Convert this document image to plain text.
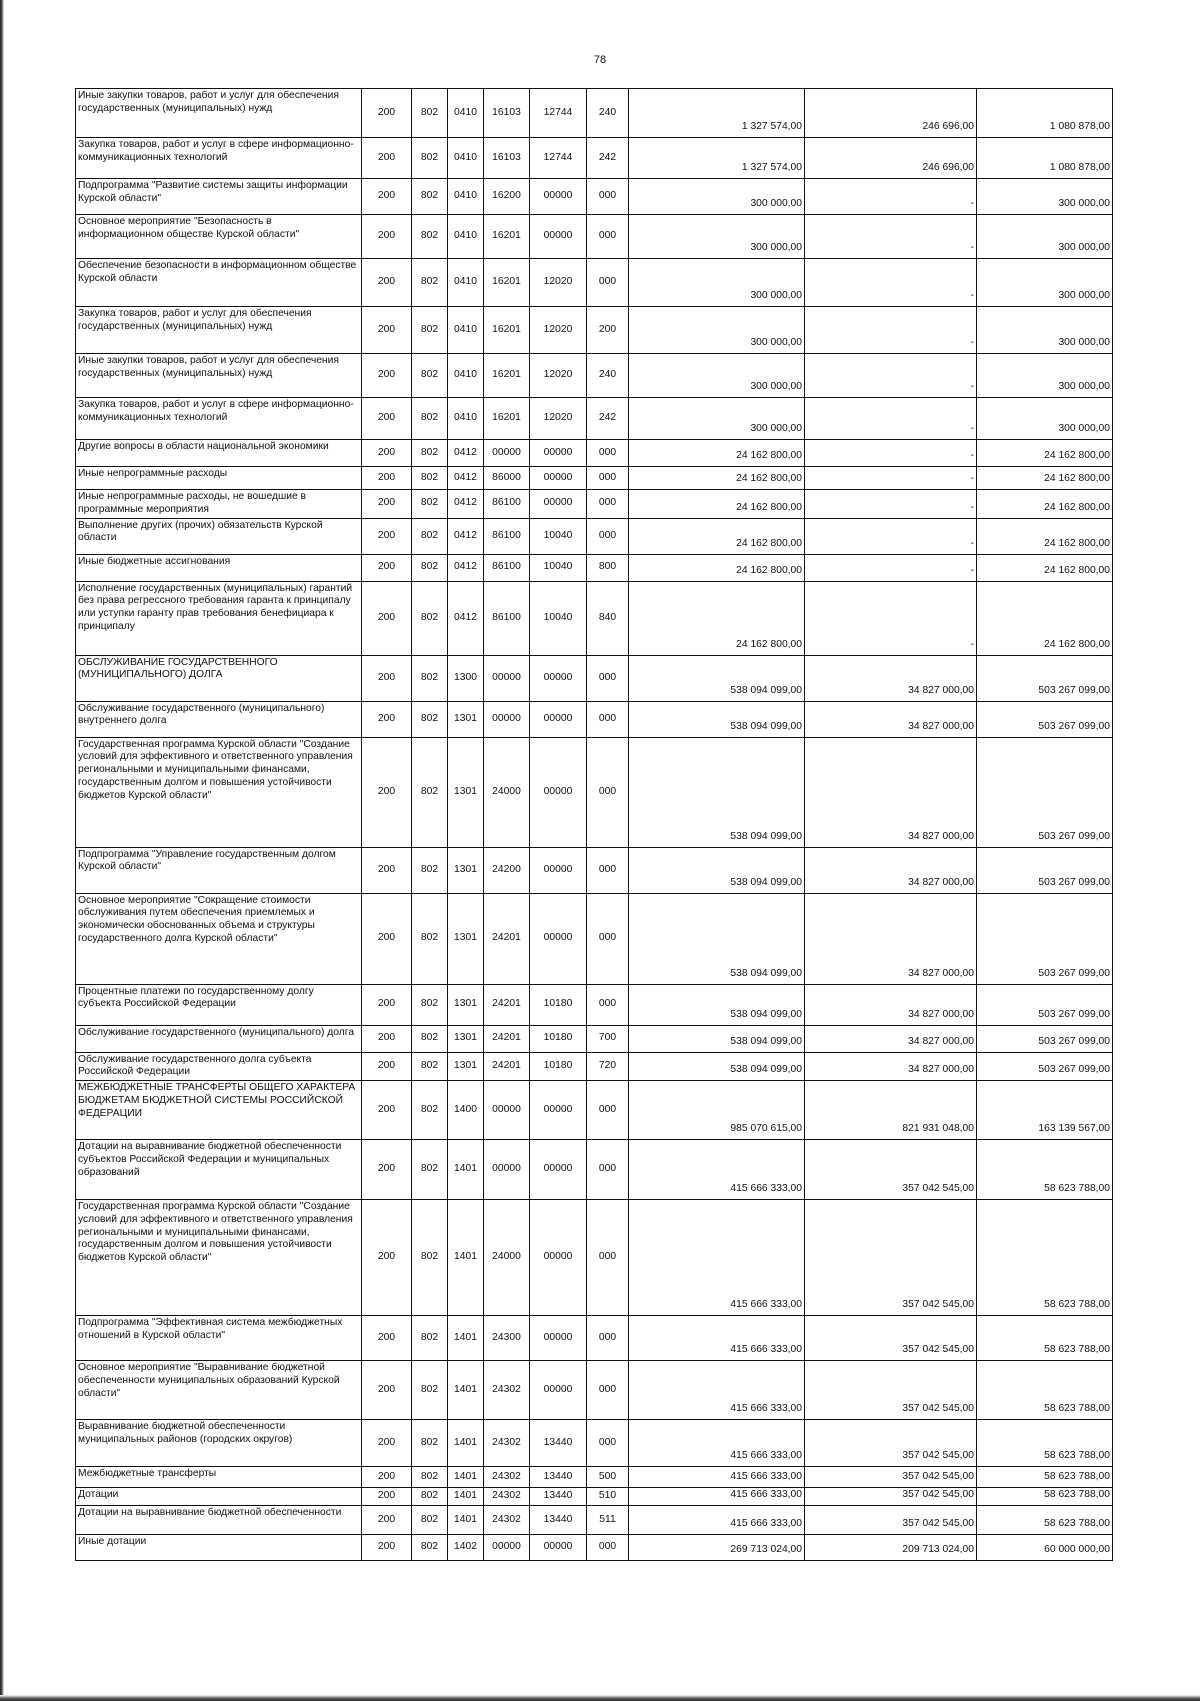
78
Иные закупки товаров, работ и услуг для обеспечения государственных (муниципальных) нужд	200	802	0410	16103	12744	240	1 327 574,00	246 696,00	1 080 878,00
Закупка товаров, работ и услуг в сфере информационно-коммуникационных технологий	200	802	0410	16103	12744	242	1 327 574,00	246 696,00	1 080 878,00
Подпрограмма "Развитие системы защиты информации Курской области"	200	802	0410	16200	00000	000	300 000,00	-	300 000,00
Основное мероприятие "Безопасность в информационном обществе Курской области"	200	802	0410	16201	00000	000	300 000,00	-	300 000,00
Обеспечение безопасности в информационном обществе Курской области	200	802	0410	16201	12020	000	300 000,00	-	300 000,00
Закупка товаров, работ и услуг для обеспечения государственных (муниципальных) нужд	200	802	0410	16201	12020	200	300 000,00	-	300 000,00
Иные закупки товаров, работ и услуг для обеспечения государственных (муниципальных) нужд	200	802	0410	16201	12020	240	300 000,00	-	300 000,00
Закупка товаров, работ и услуг в сфере информационно-коммуникационных технологий	200	802	0410	16201	12020	242	300 000,00	-	300 000,00
Другие вопросы в области национальной экономики	200	802	0412	00000	00000	000	24 162 800,00	-	24 162 800,00
Иные непрограммные расходы	200	802	0412	86000	00000	000	24 162 800,00	-	24 162 800,00
Иные непрограммные расходы, не вошедшие в программные мероприятия	200	802	0412	86100	00000	000	24 162 800,00	-	24 162 800,00
Выполнение других (прочих) обязательств Курской области	200	802	0412	86100	10040	000	24 162 800,00	-	24 162 800,00
Иные бюджетные ассигнования	200	802	0412	86100	10040	800	24 162 800,00	-	24 162 800,00
Исполнение государственных (муниципальных) гарантий без права регрессного требования гаранта к принципалу или уступки гаранту прав требования бенефициара к принципалу	200	802	0412	86100	10040	840	24 162 800,00	-	24 162 800,00
ОБСЛУЖИВАНИЕ ГОСУДАРСТВЕННОГО (МУНИЦИПАЛЬНОГО) ДОЛГА	200	802	1300	00000	00000	000	538 094 099,00	34 827 000,00	503 267 099,00
Обслуживание государственного (муниципального) внутреннего долга	200	802	1301	00000	00000	000	538 094 099,00	34 827 000,00	503 267 099,00
Государственная программа Курской области "Создание условий для эффективного и ответственного управления региональными и муниципальными финансами, государственным долгом и повышения устойчивости бюджетов Курской области"	200	802	1301	24000	00000	000	538 094 099,00	34 827 000,00	503 267 099,00
Подпрограмма "Управление государственным долгом Курской области"	200	802	1301	24200	00000	000	538 094 099,00	34 827 000,00	503 267 099,00
Основное мероприятие "Сокращение стоимости обслуживания путем обеспечения приемлемых и экономически обоснованных объема и структуры государственного долга Курской области"	200	802	1301	24201	00000	000	538 094 099,00	34 827 000,00	503 267 099,00
Процентные платежи по государственному долгу субъекта Российской Федерации	200	802	1301	24201	10180	000	538 094 099,00	34 827 000,00	503 267 099,00
Обслуживание государственного (муниципального) долга	200	802	1301	24201	10180	700	538 094 099,00	34 827 000,00	503 267 099,00
Обслуживание государственного долга субъекта Российской Федерации	200	802	1301	24201	10180	720	538 094 099,00	34 827 000,00	503 267 099,00
МЕЖБЮДЖЕТНЫЕ ТРАНСФЕРТЫ ОБЩЕГО ХАРАКТЕРА БЮДЖЕТАМ БЮДЖЕТНОЙ СИСТЕМЫ РОССИЙСКОЙ ФЕДЕРАЦИИ	200	802	1400	00000	00000	000	985 070 615,00	821 931 048,00	163 139 567,00
Дотации на выравнивание бюджетной обеспеченности субъектов Российской Федерации и муниципальных образований	200	802	1401	00000	00000	000	415 666 333,00	357 042 545,00	58 623 788,00
Государственная программа Курской области "Создание условий для эффективного и ответственного управления региональными и муниципальными финансами, государственным долгом и повышения устойчивости бюджетов Курской области"	200	802	1401	24000	00000	000	415 666 333,00	357 042 545,00	58 623 788,00
Подпрограмма "Эффективная система межбюджетных отношений в Курской области"	200	802	1401	24300	00000	000	415 666 333,00	357 042 545,00	58 623 788,00
Основное мероприятие "Выравнивание бюджетной обеспеченности муниципальных образований Курской области"	200	802	1401	24302	00000	000	415 666 333,00	357 042 545,00	58 623 788,00
Выравнивание бюджетной обеспеченности муниципальных районов (городских округов)	200	802	1401	24302	13440	000	415 666 333,00	357 042 545,00	58 623 788,00
Межбюджетные трансферты	200	802	1401	24302	13440	500	415 666 333,00	357 042 545,00	58 623 788,00
Дотации	200	802	1401	24302	13440	510	415 666 333,00	357 042 545,00	58 623 788,00
Дотации на выравнивание бюджетной обеспеченности	200	802	1401	24302	13440	511	415 666 333,00	357 042 545,00	58 623 788,00
Иные дотации	200	802	1402	00000	00000	000	269 713 024,00	209 713 024,00	60 000 000,00
